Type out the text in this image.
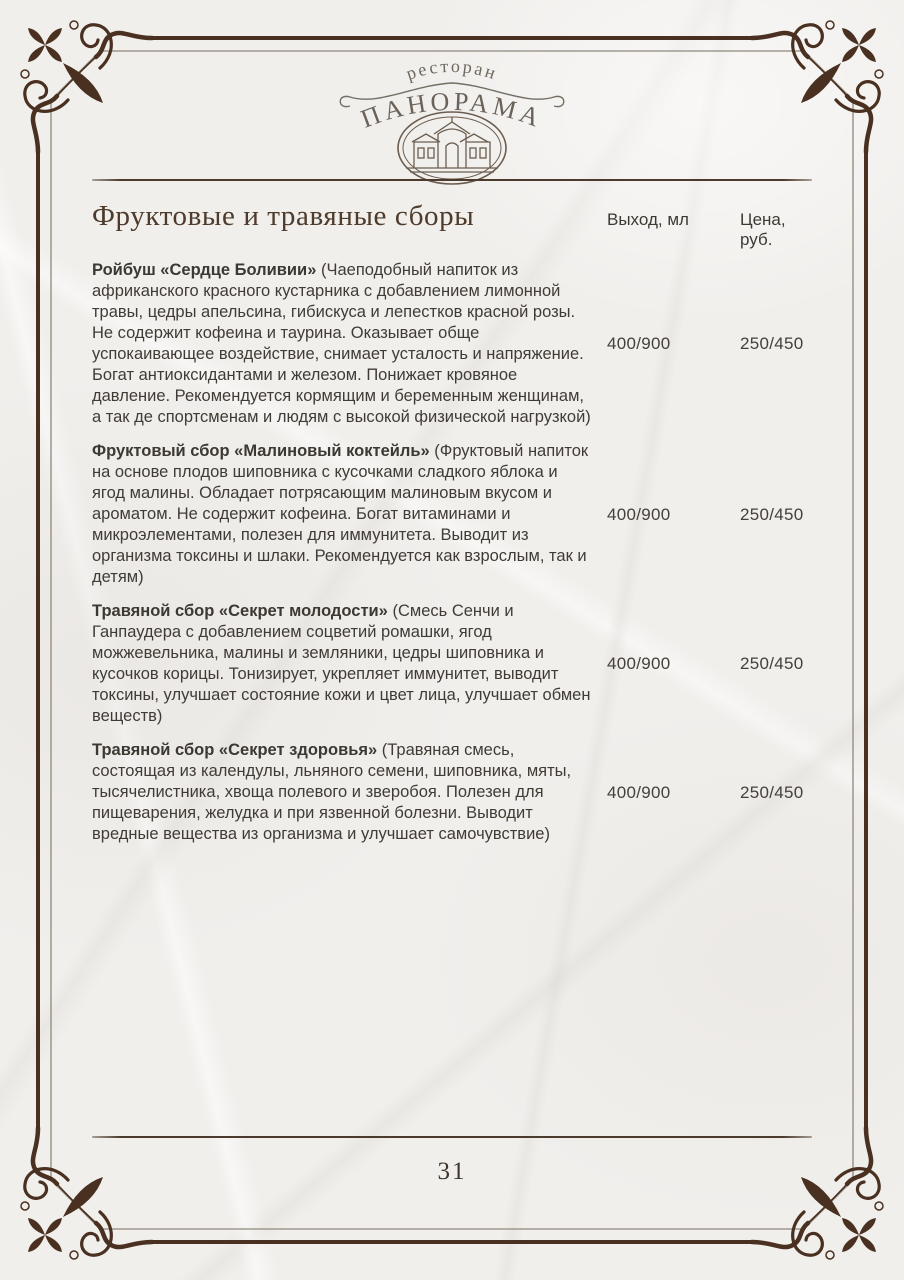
ресторан
ПАНОРАМА
Фруктовые и травяные сборы	Выход, мл	Цена, руб.
Ройбуш «Сердце Боливии» (Чаеподобный напиток из африканского красного кустарника с добавлением лимонной травы, цедры апельсина, гибискуса и лепестков красной розы. Не содержит кофеина и таурина. Оказывает обще успокаивающее воздействие, снимает усталость и напряжение. Богат антиоксидантами и железом. Понижает кровяное давление. Рекомендуется кормящим и беременным женщинам, а так де спортсменам и людям с высокой физической нагрузкой)
400/900	250/450
Фруктовый сбор «Малиновый коктейль» (Фруктовый напиток на основе плодов шиповника с кусочками сладкого яблока и ягод малины. Обладает потрясающим малиновым вкусом и ароматом. Не содержит кофеина. Богат витаминами и микроэлементами, полезен для иммунитета. Выводит из организма токсины и шлаки. Рекомендуется как взрослым, так и детям)
400/900	250/450
Травяной сбор «Секрет молодости» (Смесь Сенчи и Ганпаудера с добавлением соцветий ромашки, ягод можжевельника, малины и земляники, цедры шиповника и кусочков корицы. Тонизирует, укрепляет иммунитет, выводит токсины, улучшает состояние кожи и цвет лица, улучшает обмен веществ)
400/900	250/450
Травяной сбор «Секрет здоровья» (Травяная смесь, состоящая из календулы, льняного семени, шиповника, мяты, тысячелистника, хвоща полевого и зверобоя. Полезен для пищеварения, желудка и при язвенной болезни. Выводит вредные вещества из организма и улучшает самочувствие)
400/900	250/450
31
